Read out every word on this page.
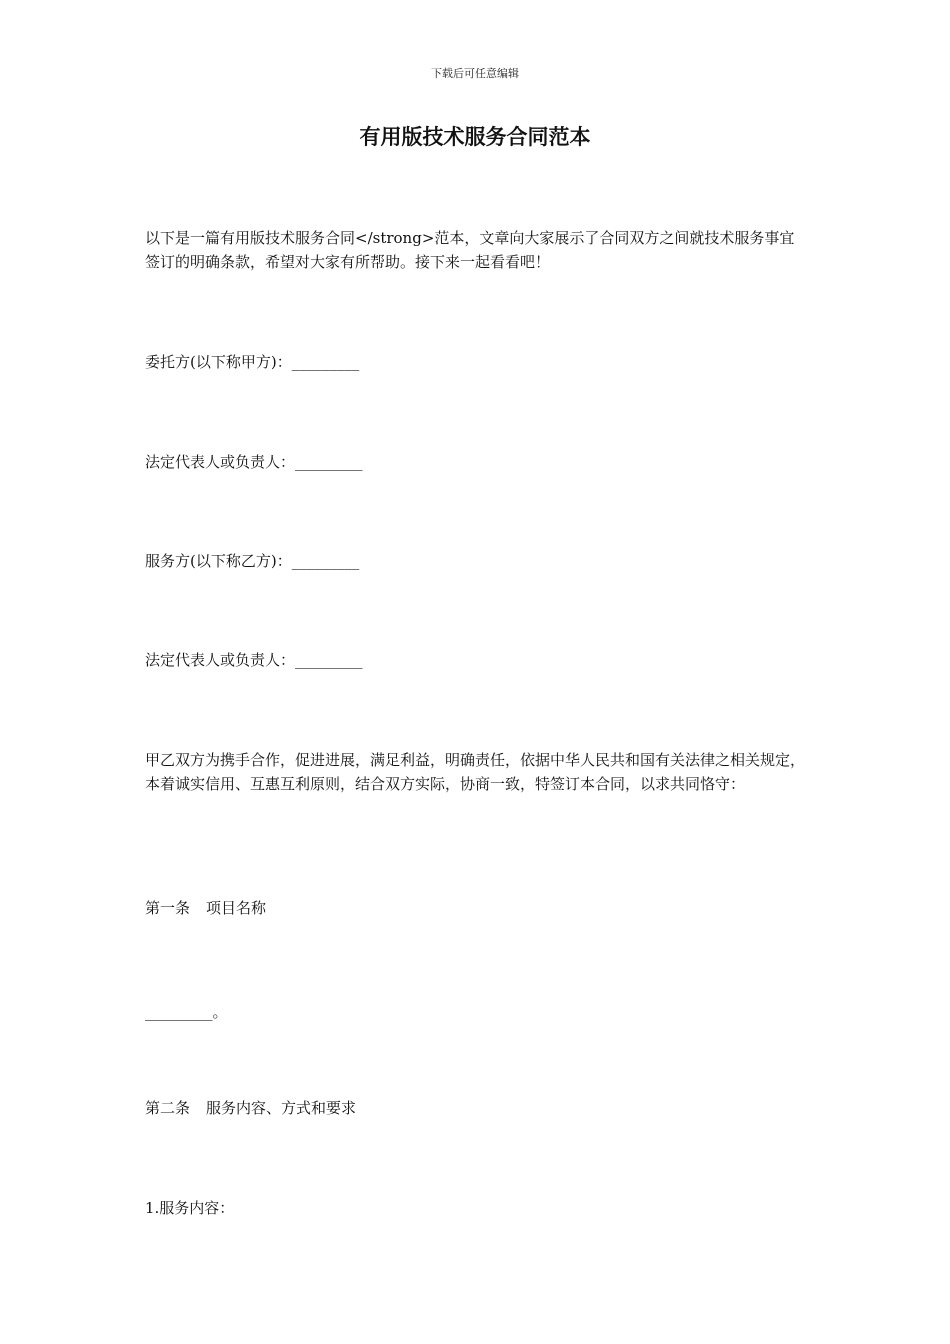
下载后可任意编辑
有用版技术服务合同范本

以下是一篇有用版技术服务合同</strong>范本，文章向大家展示了合同双方之间就技术服务事宜签订的明确条款，希望对大家有所帮助。接下来一起看看吧！

委托方(以下称甲方)：_________

法定代表人或负责人：_________

服务方(以下称乙方)：_________

法定代表人或负责人：_________

甲乙双方为携手合作，促进进展，满足利益，明确责任，依据中华人民共和国有关法律之相关规定，本着诚实信用、互惠互利原则，结合双方实际，协商一致，特签订本合同，以求共同恪守：

第一条 项目名称

_________。

第二条 服务内容、方式和要求

1.服务内容：
